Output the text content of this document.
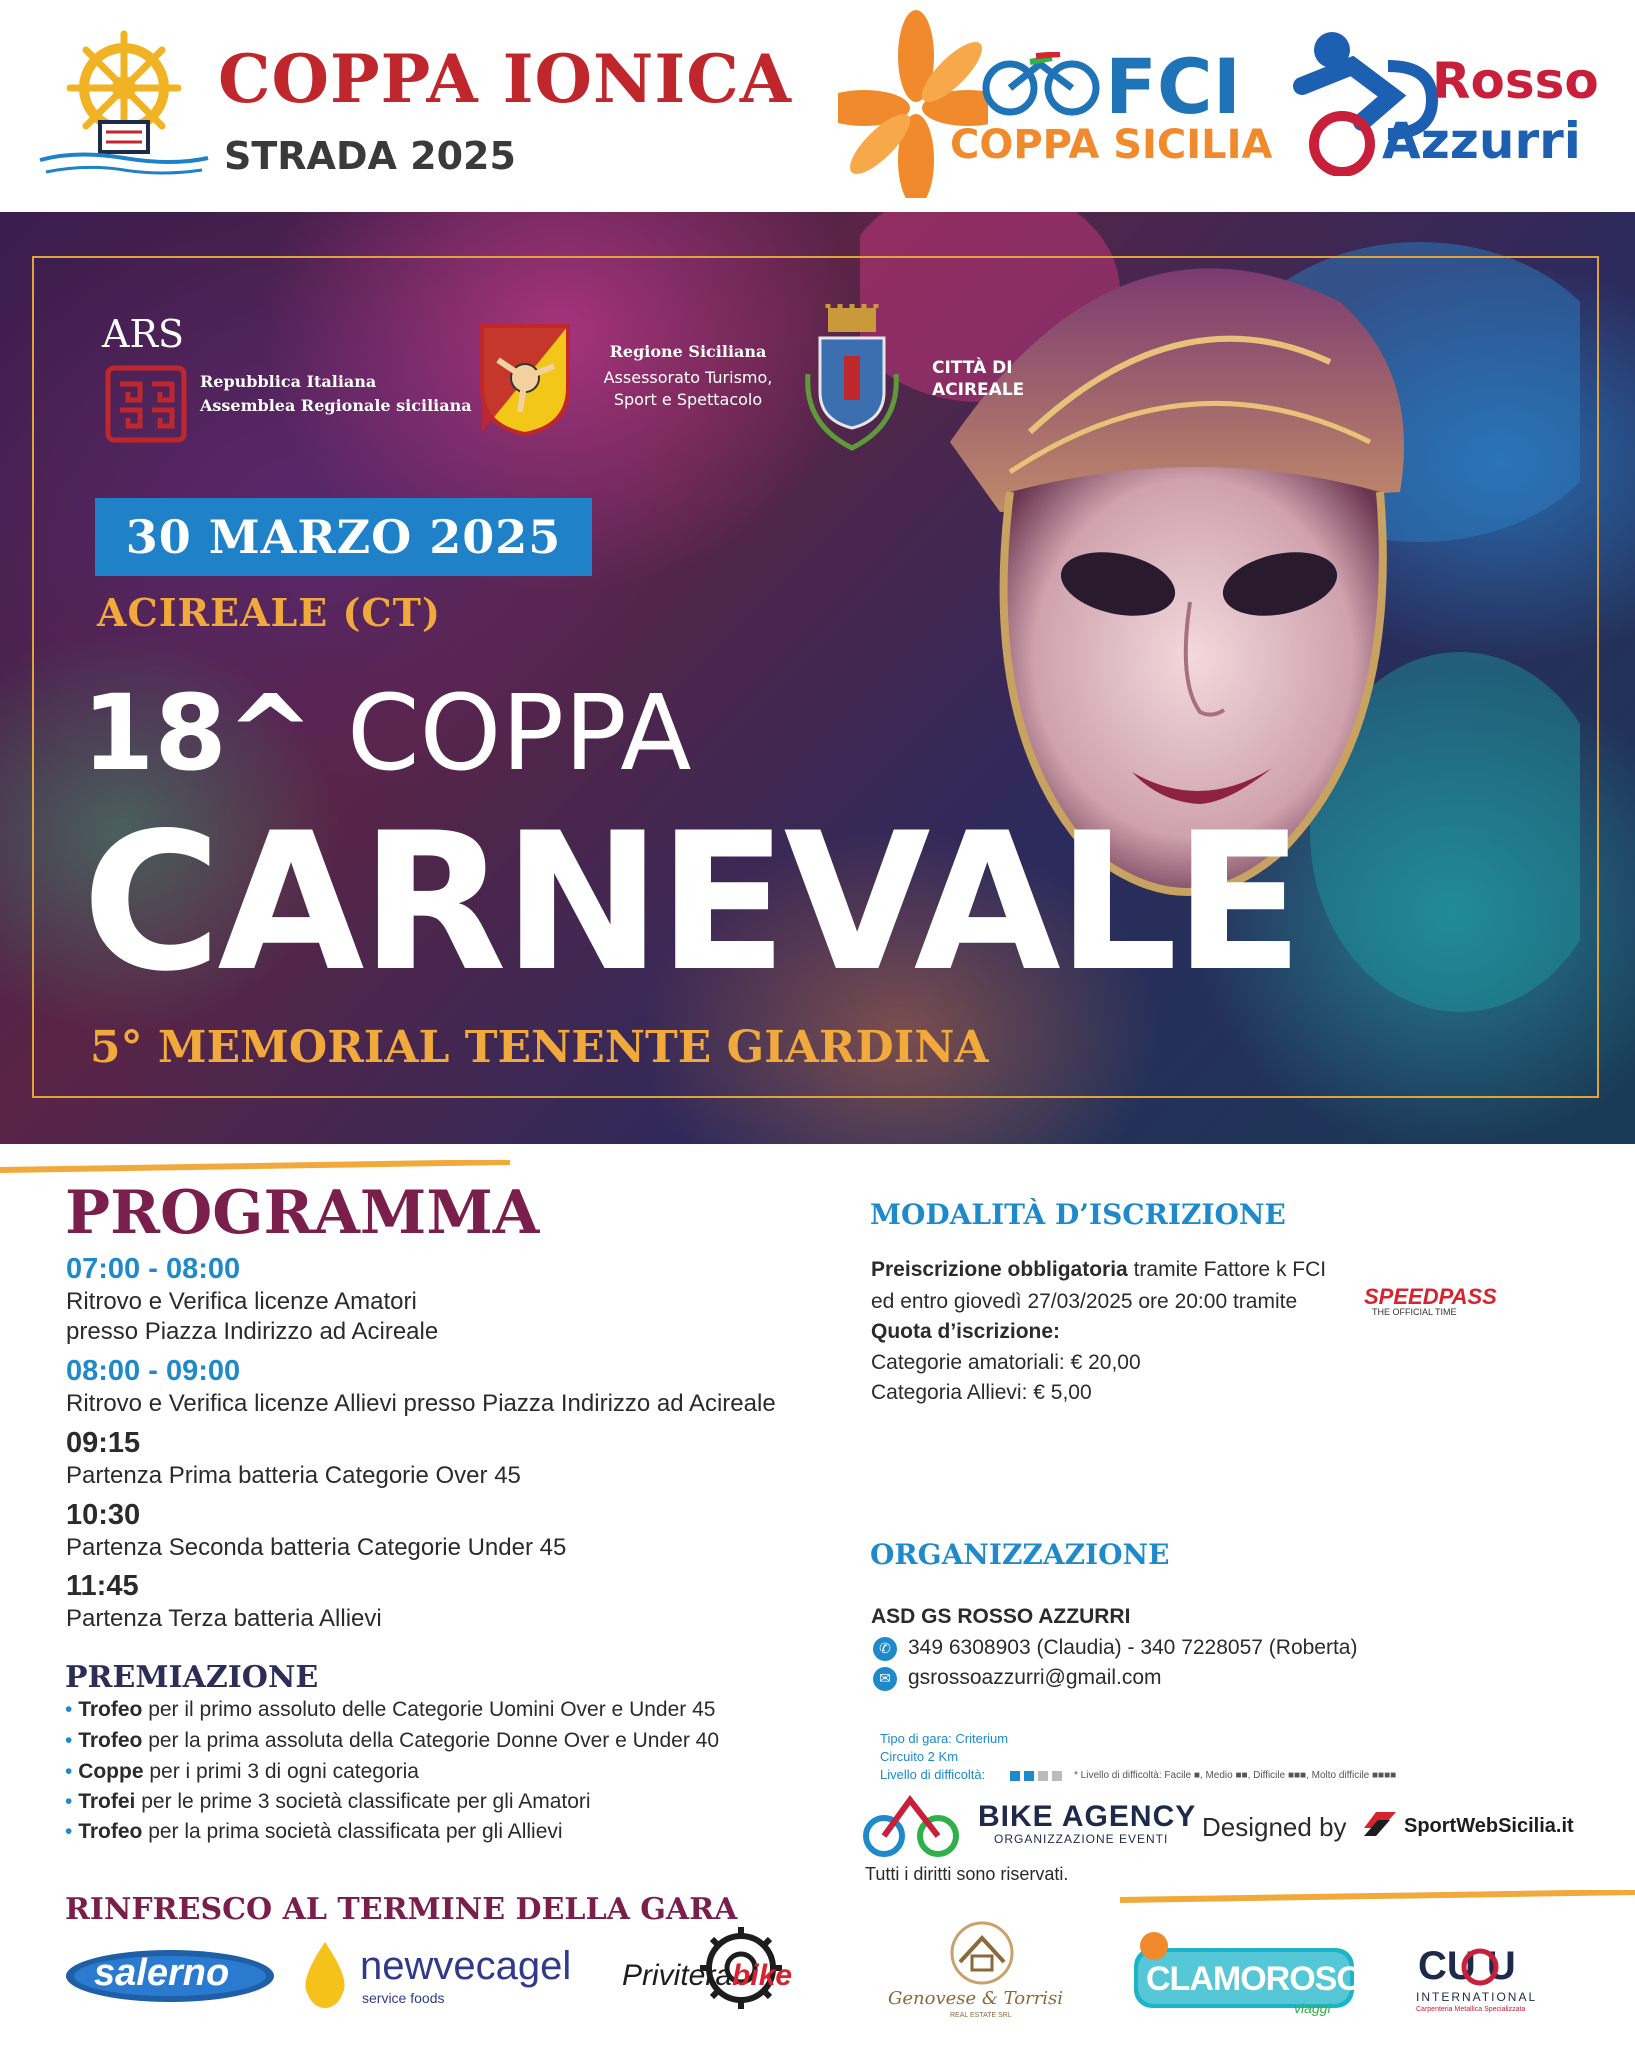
COPPA IONICA
STRADA 2025
FCI
COPPA SICILIA
Rosso
Azzurri
ARS
Repubblica Italiana
Assemblea Regionale siciliana
Regione Siciliana
Assessorato Turismo,
Sport e Spettacolo
CITTÀ DI
ACIREALE
30 MARZO 2025
ACIREALE (CT)
18^ COPPA
CARNEVALE
5° MEMORIAL TENENTE GIARDINA
PROGRAMMA
07:00 - 08:00
Ritrovo e Verifica licenze Amatori
presso Piazza Indirizzo ad Acireale
08:00 - 09:00
Ritrovo e Verifica licenze Allievi presso Piazza Indirizzo ad Acireale
09:15
Partenza Prima batteria Categorie Over 45
10:30
Partenza Seconda batteria Categorie Under 45
11:45
Partenza Terza batteria Allievi
PREMIAZIONE
• Trofeo per il primo assoluto delle Categorie Uomini Over e Under 45
• Trofeo per la prima assoluta della Categorie Donne Over e Under 40
• Coppe per i primi 3 di ogni categoria
• Trofei per le prime 3 società classificate per gli Amatori
• Trofeo per la prima società classificata per gli Allievi
RINFRESCO AL TERMINE DELLA GARA
MODALITÀ D’ISCRIZIONE
Preiscrizione obbligatoria tramite Fattore k FCI
ed entro giovedì 27/03/2025 ore 20:00 tramite	SPEEDPASS
THE OFFICIAL TIME
Quota d’iscrizione:
Categorie amatoriali: € 20,00
Categoria Allievi: € 5,00
ORGANIZZAZIONE
ASD GS ROSSO AZZURRI
✆ 349 6308903 (Claudia) - 340 7228057 (Roberta)
✉ gsrossoazzurri@gmail.com
Tipo di gara: Criterium
Circuito 2 Km
Livello di difficoltà:	* Livello di difficoltà: Facile ■, Medio ■■, Difficile ■■■, Molto difficile ■■■■
BIKE AGENCY
ORGANIZZAZIONE EVENTI Designed by	SportWebSicilia.it
Tutti i diritti sono riservati.
salerno	newvecagel
service foods
Priviterabike
Genovese & Torrisi
REAL ESTATE SRL
CLAMOROSO!
viaggi
CU U
INTERNATIONAL
Carpenteria Metallica Specializzata
